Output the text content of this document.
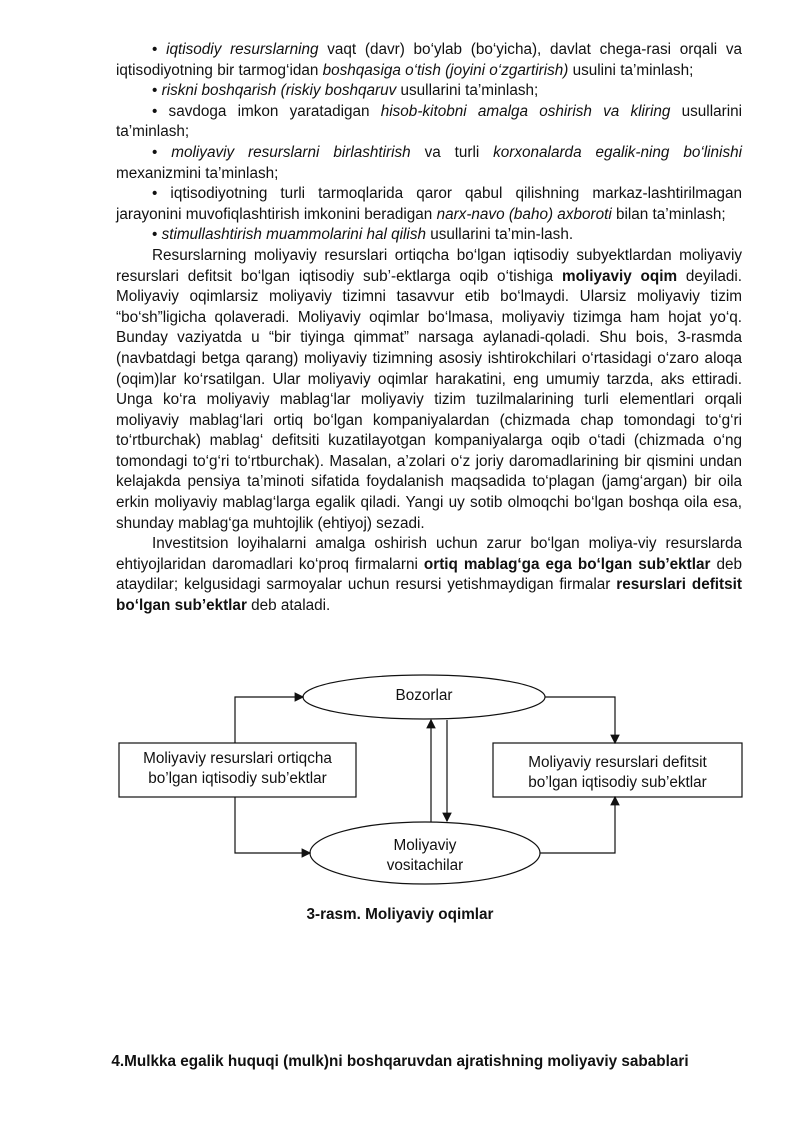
• iqtisodiy resurslarning vaqt (davr) bo‘ylab (bo‘yicha), davlat chega-rasi orqali va iqtisodiyotning bir tarmog‘idan boshqasiga o‘tish (joyini o‘zgartirish) usulini ta’minlash;

• riskni boshqarish (riskiy boshqaruv usullarini ta’minlash;

• savdoga imkon yaratadigan hisob-kitobni amalga oshirish va kliring usullarini ta’minlash;

• moliyaviy resurslarni birlashtirish va turli korxonalarda egalik-ning bo‘linishi mexanizmini ta’minlash;

• iqtisodiyotning turli tarmoqlarida qaror qabul qilishning markaz-lashtirilmagan jarayonini muvofiqlashtirish imkonini beradigan narx-navo (baho) axboroti bilan ta’minlash;

• stimullashtirish muammolarini hal qilish usullarini ta’min-lash.

Resurslarning moliyaviy resurslari ortiqcha bo‘lgan iqtisodiy subyektlardan moliyaviy resurslari defitsit bo‘lgan iqtisodiy sub’-ektlarga oqib o‘tishiga moliyaviy oqim deyiladi. Moliyaviy oqimlarsiz moliyaviy tizimni tasavvur etib bo‘lmaydi. Ularsiz moliyaviy tizim “bo‘sh”ligicha qolaveradi. Moliyaviy oqimlar bo‘lmasa, moliyaviy tizimga ham hojat yo‘q. Bunday vaziyatda u “bir tiyinga qimmat” narsaga aylanadi-qoladi. Shu bois, 3-rasmda (navbatdagi betga qarang) moliyaviy tizimning asosiy ishtirokchilari o‘rtasidagi o‘zaro aloqa (oqim)lar ko‘rsatilgan. Ular moliyaviy oqimlar harakatini, eng umumiy tarzda, aks ettiradi. Unga ko‘ra moliyaviy mablag‘lar moliyaviy tizim tuzilmalarining turli elementlari orqali moliyaviy mablag‘lari ortiq bo‘lgan kompaniyalardan (chizmada chap tomondagi to‘g‘ri to‘rtburchak) mablag‘ defitsiti kuzatilayotgan kompaniyalarga oqib o‘tadi (chizmada o‘ng tomondagi to‘g‘ri to‘rtburchak). Masalan, a’zolari o‘z joriy daromadlarining bir qismini undan kelajakda pensiya ta’minoti sifatida foydalanish maqsadida to‘plagan (jamg‘argan) bir oila erkin moliyaviy mablag‘larga egalik qiladi. Yangi uy sotib olmoqchi bo‘lgan boshqa oila esa, shunday mablag‘ga muhtojlik (ehtiyoj) sezadi.

Investitsion loyihalarni amalga oshirish uchun zarur bo‘lgan moliya-viy resurslarda ehtiyojlaridan daromadlari ko‘proq firmalarni ortiq mablag‘ga ega bo‘lgan sub’ektlar deb ataydilar; kelgusidagi sarmoyalar uchun resursi yetishmaydigan firmalar resurslari defitsit bo‘lgan sub’ektlar deb ataladi.

Bozorlar
Moliyaviy resurslari ortiqcha
bo’lgan iqtisodiy sub’ektlar
Moliyaviy resurslari defitsit
bo’lgan iqtisodiy sub’ektlar
Moliyaviy
vositachilar
3-rasm. Moliyaviy oqimlar
4.Mulkka egalik huquqi (mulk)ni boshqaruvdan ajratishning moliyaviy sabablari
